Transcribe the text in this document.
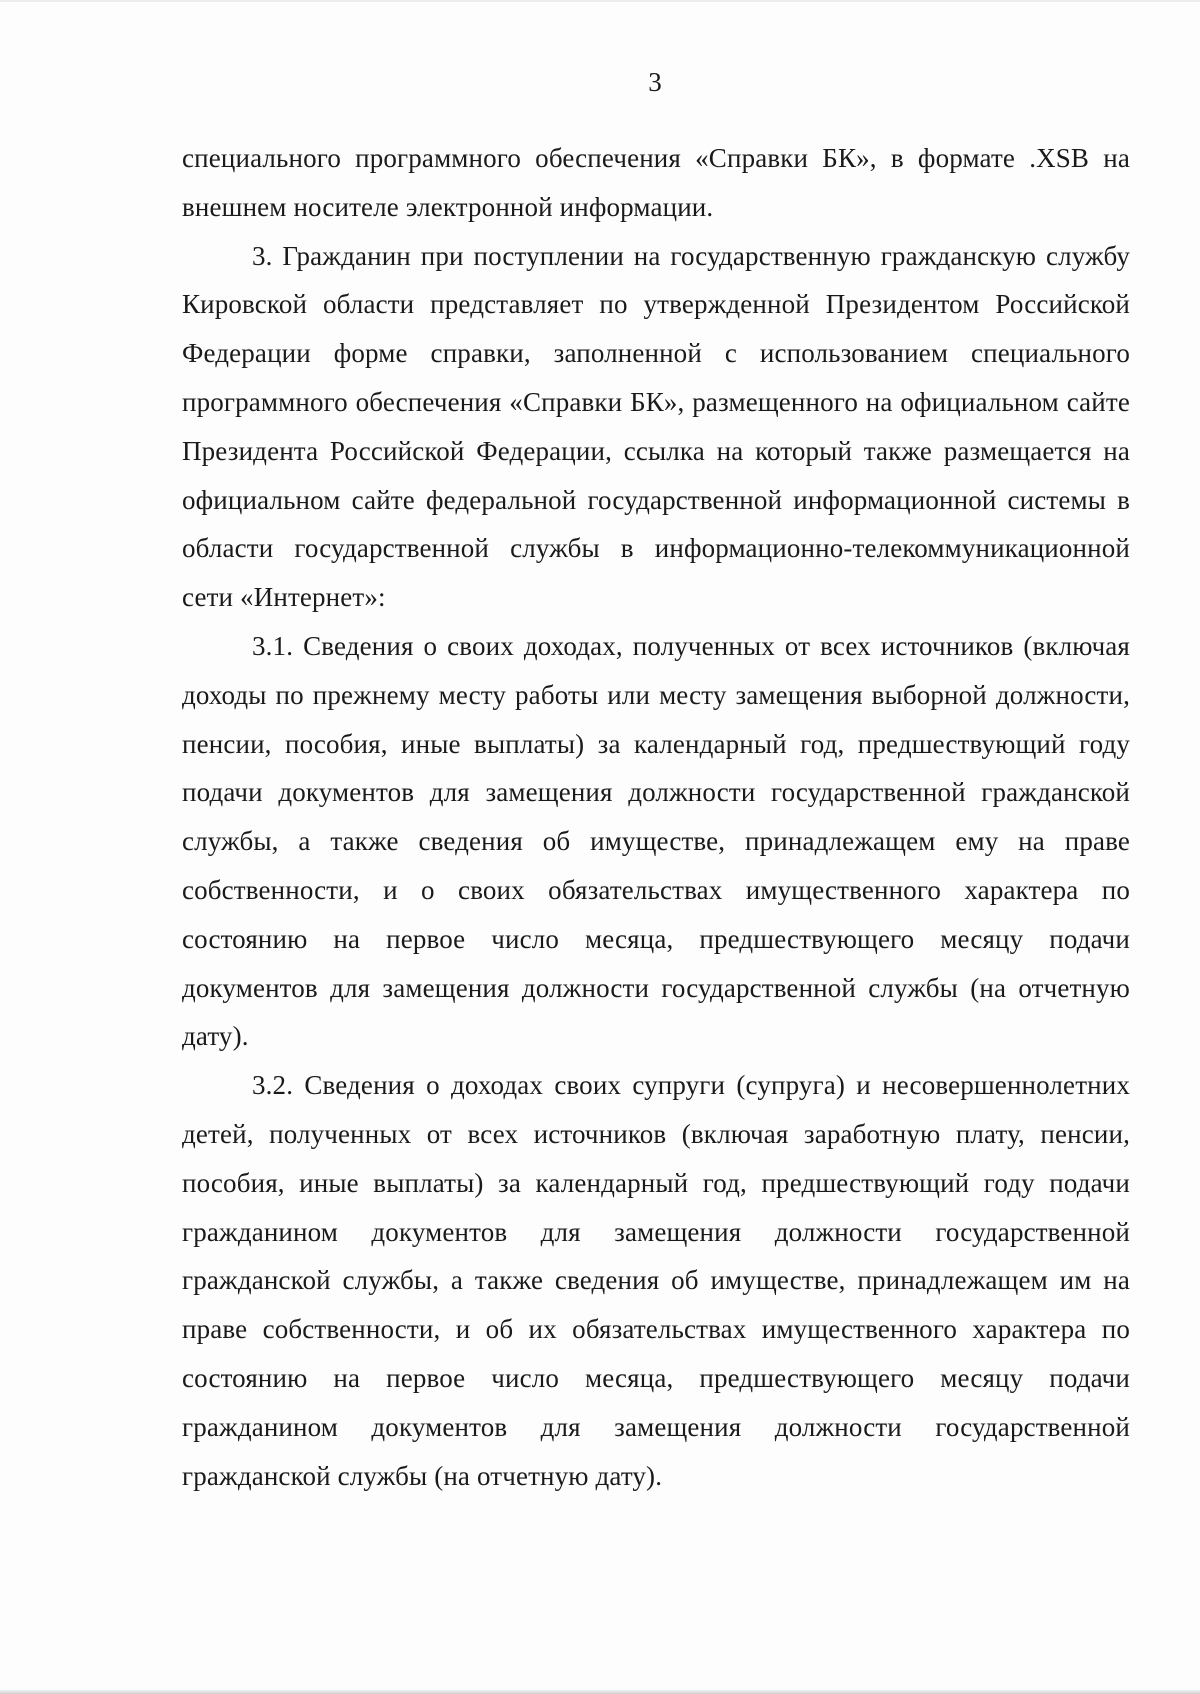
3

специального программного обеспечения «Справки БК», в формате .XSB на внешнем носителе электронной информации.

3. Гражданин при поступлении на государственную гражданскую службу Кировской области представляет по утвержденной Президентом Российской Федерации форме справки, заполненной с использованием специального программного обеспечения «Справки БК», размещенного на официальном сайте Президента Российской Федерации, ссылка на который также размещается на официальном сайте федеральной государственной информационной системы в области государственной службы в информационно-телекоммуникационной сети «Интернет»:

3.1. Сведения о своих доходах, полученных от всех источников (включая доходы по прежнему месту работы или месту замещения выборной должности, пенсии, пособия, иные выплаты) за календарный год, предшествующий году подачи документов для замещения должности государственной гражданской службы, а также сведения об имуществе, принадлежащем ему на праве собственности, и о своих обязательствах имущественного характера по состоянию на первое число месяца, предшествующего месяцу подачи документов для замещения должности государственной службы (на отчетную дату).

3.2. Сведения о доходах своих супруги (супруга) и несовершеннолетних детей, полученных от всех источников (включая заработную плату, пенсии, пособия, иные выплаты) за календарный год, предшествующий году подачи гражданином документов для замещения должности государственной гражданской службы, а также сведения об имуществе, принадлежащем им на праве собственности, и об их обязательствах имущественного характера по состоянию на первое число месяца, предшествующего месяцу подачи гражданином документов для замещения должности государственной гражданской службы (на отчетную дату).
